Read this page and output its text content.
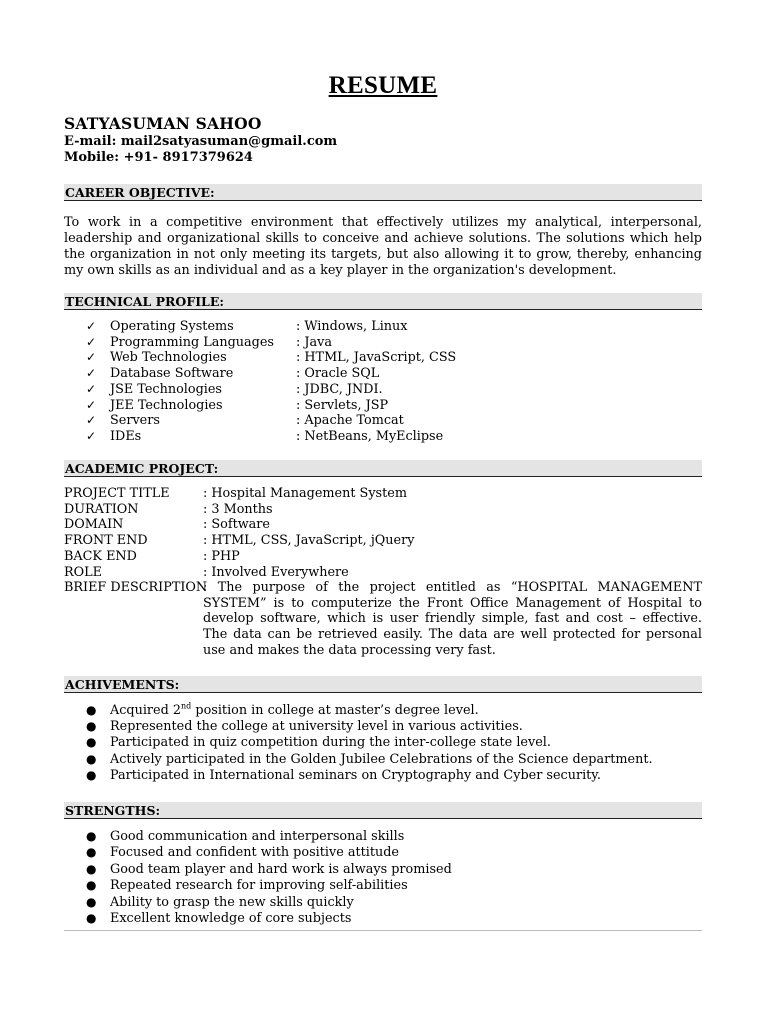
RESUME
SATYASUMAN SAHOO
E-mail: mail2satyasuman@gmail.com
Mobile: +91- 8917379624
CAREER OBJECTIVE:
To work in a competitive environment that effectively utilizes my analytical, interpersonal, leadership and organizational skills to conceive and achieve solutions. The solutions which help the organization in not only meeting its targets, but also allowing it to grow, thereby, enhancing my own skills as an individual and as a key player in the organization's development.
TECHNICAL PROFILE:
✓ Operating Systems	: Windows, Linux
✓ Programming Languages : Java
✓ Web Technologies	: HTML, JavaScript, CSS
✓ Database Software	: Oracle SQL
✓ JSE Technologies	: JDBC, JNDI.
✓ JEE Technologies	: Servlets, JSP
✓ Servers	: Apache Tomcat
✓ IDEs	: NetBeans, MyEclipse
ACADEMIC PROJECT:
PROJECT TITLE	: Hospital Management System
DURATION	: 3 Months
DOMAIN	: Software
FRONT END	: HTML, CSS, JavaScript, jQuery
BACK END	: PHP
ROLE	: Involved Everywhere
BRIEF DESCRIPTION
: The purpose of the project entitled as “HOSPITAL MANAGEMENT SYSTEM” is to computerize the Front Office Management of Hospital to develop software, which is user friendly simple, fast and cost – effective. The data can be retrieved easily. The data are well protected for personal use and makes the data processing very fast.
ACHIVEMENTS:
● Acquired 2nd position in college at master’s degree level.
● Represented the college at university level in various activities.
● Participated in quiz competition during the inter-college state level.
● Actively participated in the Golden Jubilee Celebrations of the Science department.
● Participated in International seminars on Cryptography and Cyber security.
STRENGTHS:
● Good communication and interpersonal skills
● Focused and confident with positive attitude
● Good team player and hard work is always promised
● Repeated research for improving self-abilities
● Ability to grasp the new skills quickly
● Excellent knowledge of core subjects
